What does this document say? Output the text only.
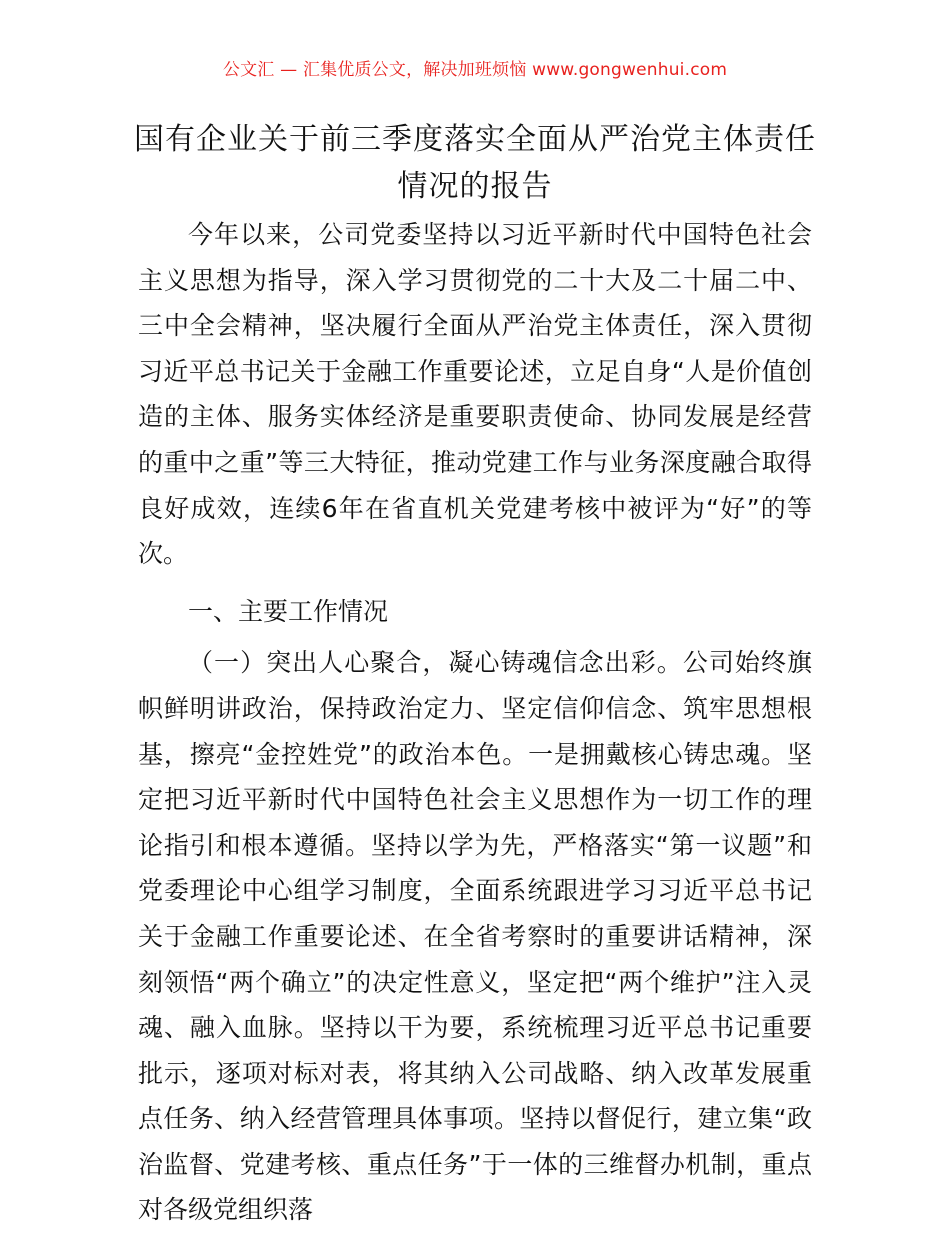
公文汇 — 汇集优质公文，解决加班烦恼 www.gongwenhui.com
国有企业关于前三季度落实全面从严治党主体责任情况的报告

今年以来，公司党委坚持以习近平新时代中国特色社会主义思想为指导，深入学习贯彻党的二十大及二十届二中、三中全会精神，坚决履行全面从严治党主体责任，深入贯彻习近平总书记关于金融工作重要论述，立足自身“人是价值创造的主体、服务实体经济是重要职责使命、协同发展是经营的重中之重”等三大特征，推动党建工作与业务深度融合取得良好成效，连续6年在省直机关党建考核中被评为“好”的等次。

一、主要工作情况

（一）突出人心聚合，凝心铸魂信念出彩。公司始终旗帜鲜明讲政治，保持政治定力、坚定信仰信念、筑牢思想根基，擦亮“金控姓党”的政治本色。一是拥戴核心铸忠魂。坚定把习近平新时代中国特色社会主义思想作为一切工作的理论指引和根本遵循。坚持以学为先，严格落实“第一议题”和党委理论中心组学习制度，全面系统跟进学习习近平总书记关于金融工作重要论述、在全省考察时的重要讲话精神，深刻领悟“两个确立”的决定性意义，坚定把“两个维护”注入灵魂、融入血脉。坚持以干为要，系统梳理习近平总书记重要批示，逐项对标对表，将其纳入公司战略、纳入改革发展重点任务、纳入经营管理具体事项。坚持以督促行，建立集“政治监督、党建考核、重点任务”于一体的三维督办机制，重点对各级党组织落
